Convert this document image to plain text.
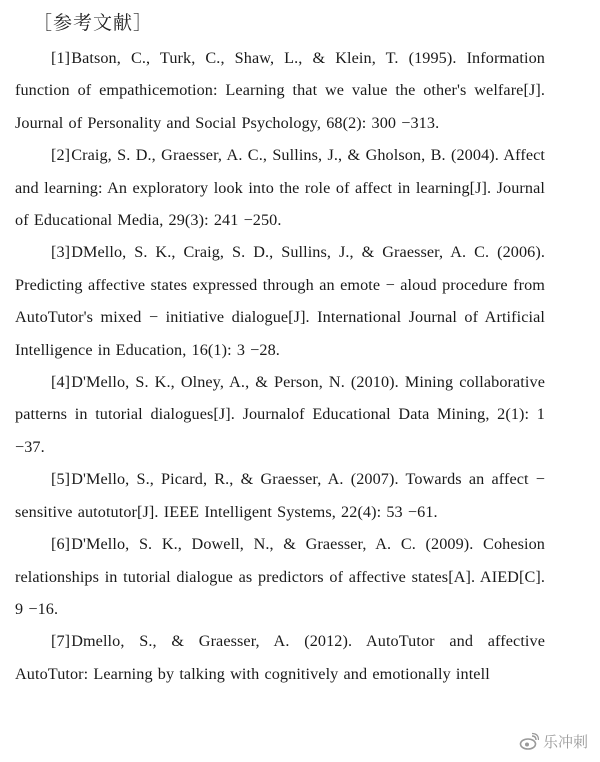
［参考文献］

[1]Batson, C., Turk, C., Shaw, L., & Klein, T. (1995). Information function of empathicemotion: Learning that we value the other's welfare[J]. Journal of Personality and Social Psychology, 68(2): 300 −313.

[2]Craig, S. D., Graesser, A. C., Sullins, J., & Gholson, B. (2004). Affect and learning: An exploratory look into the role of affect in learning[J]. Journal of Educational Media, 29(3): 241 −250.

[3]DMello, S. K., Craig, S. D., Sullins, J., & Graesser, A. C. (2006). Predicting affective states expressed through an emote − aloud procedure from AutoTutor's mixed − initiative dialogue[J]. International Journal of Artificial Intelligence in Education, 16(1): 3 −28.

[4]D'Mello, S. K., Olney, A., & Person, N. (2010). Mining collaborative patterns in tutorial dialogues[J]. Journalof Educational Data Mining, 2(1): 1 −37.

[5]D'Mello, S., Picard, R., & Graesser, A. (2007). Towards an affect − sensitive autotutor[J]. IEEE Intelligent Systems, 22(4): 53 −61.

[6]D'Mello, S. K., Dowell, N., & Graesser, A. C. (2009). Cohesion relationships in tutorial dialogue as predictors of affective states[A]. AIED[C]. 9 −16.

[7]Dmello, S., & Graesser, A. (2012). AutoTutor and affective AutoTutor: Learning by talking with cognitively and emotionally intell

乐冲刺
